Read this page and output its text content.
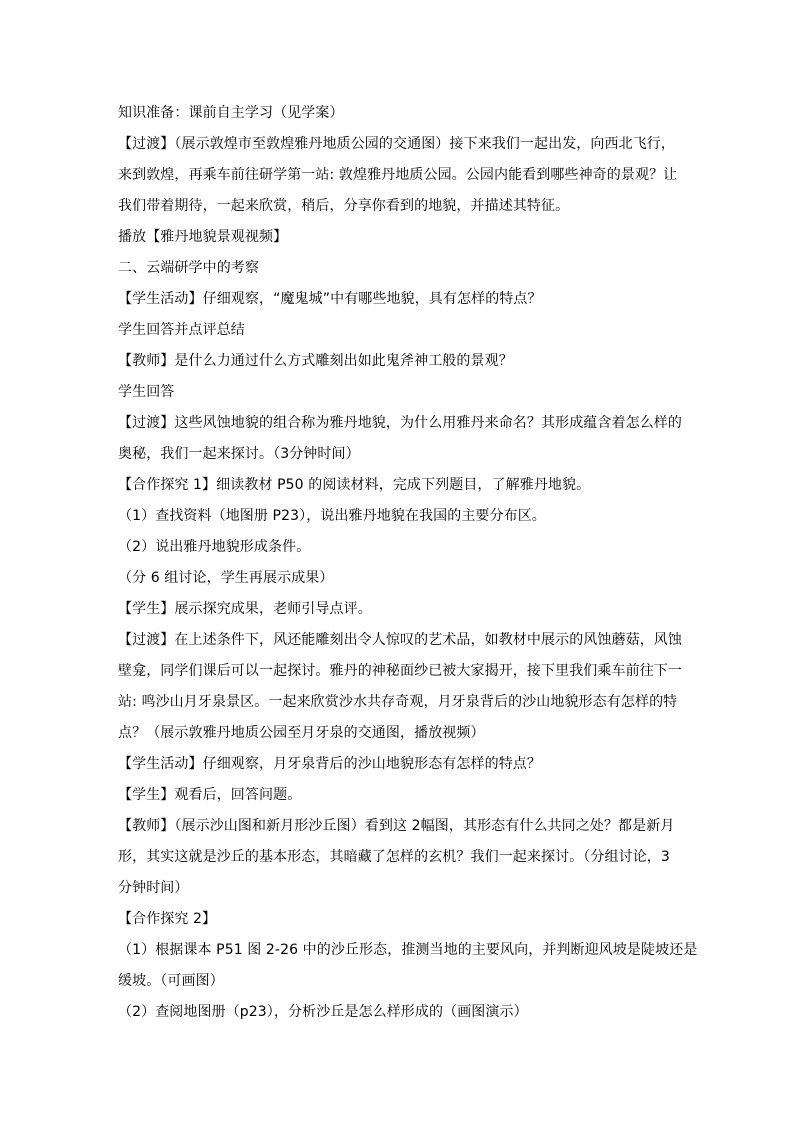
知识准备：课前自主学习（见学案）
【过渡】（展示敦煌市至敦煌雅丹地质公园的交通图）接下来我们一起出发，向西北飞行，
来到敦煌，再乘车前往研学第一站: 敦煌雅丹地质公园。公园内能看到哪些神奇的景观？让
我们带着期待，一起来欣赏，稍后，分享你看到的地貌，并描述其特征。
播放【雅丹地貌景观视频】
二、云端研学中的考察
【学生活动】仔细观察，“魔鬼城”中有哪些地貌，具有怎样的特点？
学生回答并点评总结
【教师】是什么力通过什么方式雕刻出如此鬼斧神工般的景观？
学生回答
【过渡】这些风蚀地貌的组合称为雅丹地貌，为什么用雅丹来命名？其形成蕴含着怎么样的
奥秘，我们一起来探讨。（3分钟时间）
【合作探究 1】细读教材 P50 的阅读材料，完成下列题目，了解雅丹地貌。
（1）查找资料（地图册 P23），说出雅丹地貌在我国的主要分布区。
（2）说出雅丹地貌形成条件。
（分 6 组讨论，学生再展示成果）
【学生】展示探究成果，老师引导点评。
【过渡】在上述条件下，风还能雕刻出令人惊叹的艺术品，如教材中展示的风蚀蘑菇，风蚀
壁龛，同学们课后可以一起探讨。雅丹的神秘面纱已被大家揭开，接下里我们乘车前往下一
站: 鸣沙山月牙泉景区。一起来欣赏沙水共存奇观，月牙泉背后的沙山地貌形态有怎样的特
点？（展示敦雅丹地质公园至月牙泉的交通图，播放视频）
【学生活动】仔细观察，月牙泉背后的沙山地貌形态有怎样的特点？
【学生】观看后，回答问题。
【教师】（展示沙山图和新月形沙丘图）看到这 2幅图，其形态有什么共同之处？都是新月
形，其实这就是沙丘的基本形态，其暗藏了怎样的玄机？我们一起来探讨。（分组讨论，3
分钟时间）
【合作探究 2】
（1）根据课本 P51 图 2-26 中的沙丘形态，推测当地的主要风向，并判断迎风坡是陡坡还是
缓坡。（可画图）
（2）查阅地图册（p23），分析沙丘是怎么样形成的（画图演示）
